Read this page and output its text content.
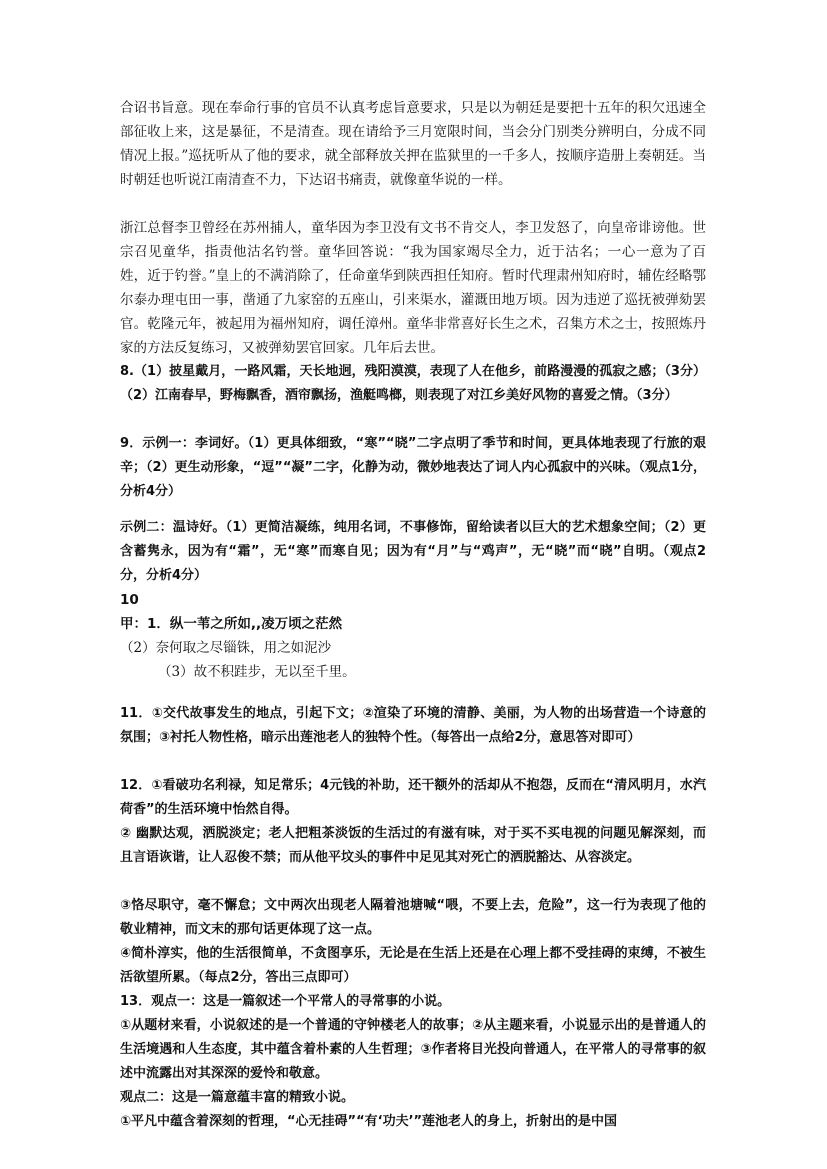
合诏书旨意。现在奉命行事的官员不认真考虑旨意要求，只是以为朝廷是要把十五年的积欠迅速全部征收上来，这是暴征，不是清查。现在请给予三月宽限时间，当会分门别类分辨明白，分成不同情况上报。”巡抚听从了他的要求，就全部释放关押在监狱里的一千多人，按顺序造册上奏朝廷。当时朝廷也听说江南清查不力，下达诏书痛责，就像童华说的一样。

浙江总督李卫曾经在苏州捕人，童华因为李卫没有文书不肯交人，李卫发怒了，向皇帝诽谤他。世宗召见童华，指责他沽名钓誉。童华回答说：“我为国家竭尽全力，近于沽名；一心一意为了百姓，近于钓誉。”皇上的不满消除了，任命童华到陕西担任知府。暂时代理肃州知府时，辅佐经略鄂尔泰办理屯田一事，凿通了九家窑的五座山，引来渠水，灌溉田地万顷。因为违逆了巡抚被弹劾罢官。乾隆元年，被起用为福州知府，调任漳州。童华非常喜好长生之术，召集方术之士，按照炼丹家的方法反复练习，又被弹劾罢官回家。几年后去世。

8.（1）披星戴月，一路风霜，天长地迥，残阳漠漠，表现了人在他乡，前路漫漫的孤寂之感；（3分）（2）江南春早，野梅飘香，酒帘飘扬，渔艇鸣榔，则表现了对江乡美好风物的喜爱之情。（3分）

9．示例一：李词好。（1）更具体细致，“寒”“晓”二字点明了季节和时间，更具体地表现了行旅的艰辛；（2）更生动形象，“逗”“凝”二字，化静为动，微妙地表达了词人内心孤寂中的兴味。（观点1分，分析4分）

示例二：温诗好。（1）更简洁凝练，纯用名词，不事修饰，留给读者以巨大的艺术想象空间；（2）更含蓄隽永，因为有“霜”，无“寒”而寒自见；因为有“月”与“鸡声”，无“晓”而“晓”自明。（观点2分，分析4分）

10

甲：1．纵一苇之所如,,凌万顷之茫然

（2）奈何取之尽锱铢，用之如泥沙

（3）故不积跬步，无以至千里。

11．①交代故事发生的地点，引起下文；②渲染了环境的清静、美丽，为人物的出场营造一个诗意的氛围；③衬托人物性格，暗示出莲池老人的独特个性。（每答出一点给2分，意思答对即可）

12．①看破功名利禄，知足常乐；4元钱的补助，还干额外的活却从不抱怨，反而在“清风明月，水汽荷香”的生活环境中怡然自得。

② 幽默达观，洒脱淡定；老人把粗茶淡饭的生活过的有滋有味，对于买不买电视的问题见解深刻，而且言语诙谐，让人忍俊不禁；而从他平坟头的事件中足见其对死亡的洒脱豁达、从容淡定。

③恪尽职守，毫不懈怠；文中两次出现老人隔着池塘喊“喂，不要上去，危险”，这一行为表现了他的敬业精神，而文末的那句话更体现了这一点。

④简朴淳实，他的生活很简单，不贪图享乐，无论是在生活上还是在心理上都不受挂碍的束缚，不被生活欲望所累。（每点2分，答出三点即可）

13．观点一：这是一篇叙述一个平常人的寻常事的小说。

①从题材来看，小说叙述的是一个普通的守钟楼老人的故事；②从主题来看，小说显示出的是普通人的生活境遇和人生态度，其中蕴含着朴素的人生哲理；③作者将目光投向普通人，在平常人的寻常事的叙述中流露出对其深深的爱怜和敬意。

观点二：这是一篇意蕴丰富的精致小说。

①平凡中蕴含着深刻的哲理，“心无挂碍”“有‘功夫’”莲池老人的身上，折射出的是中国
